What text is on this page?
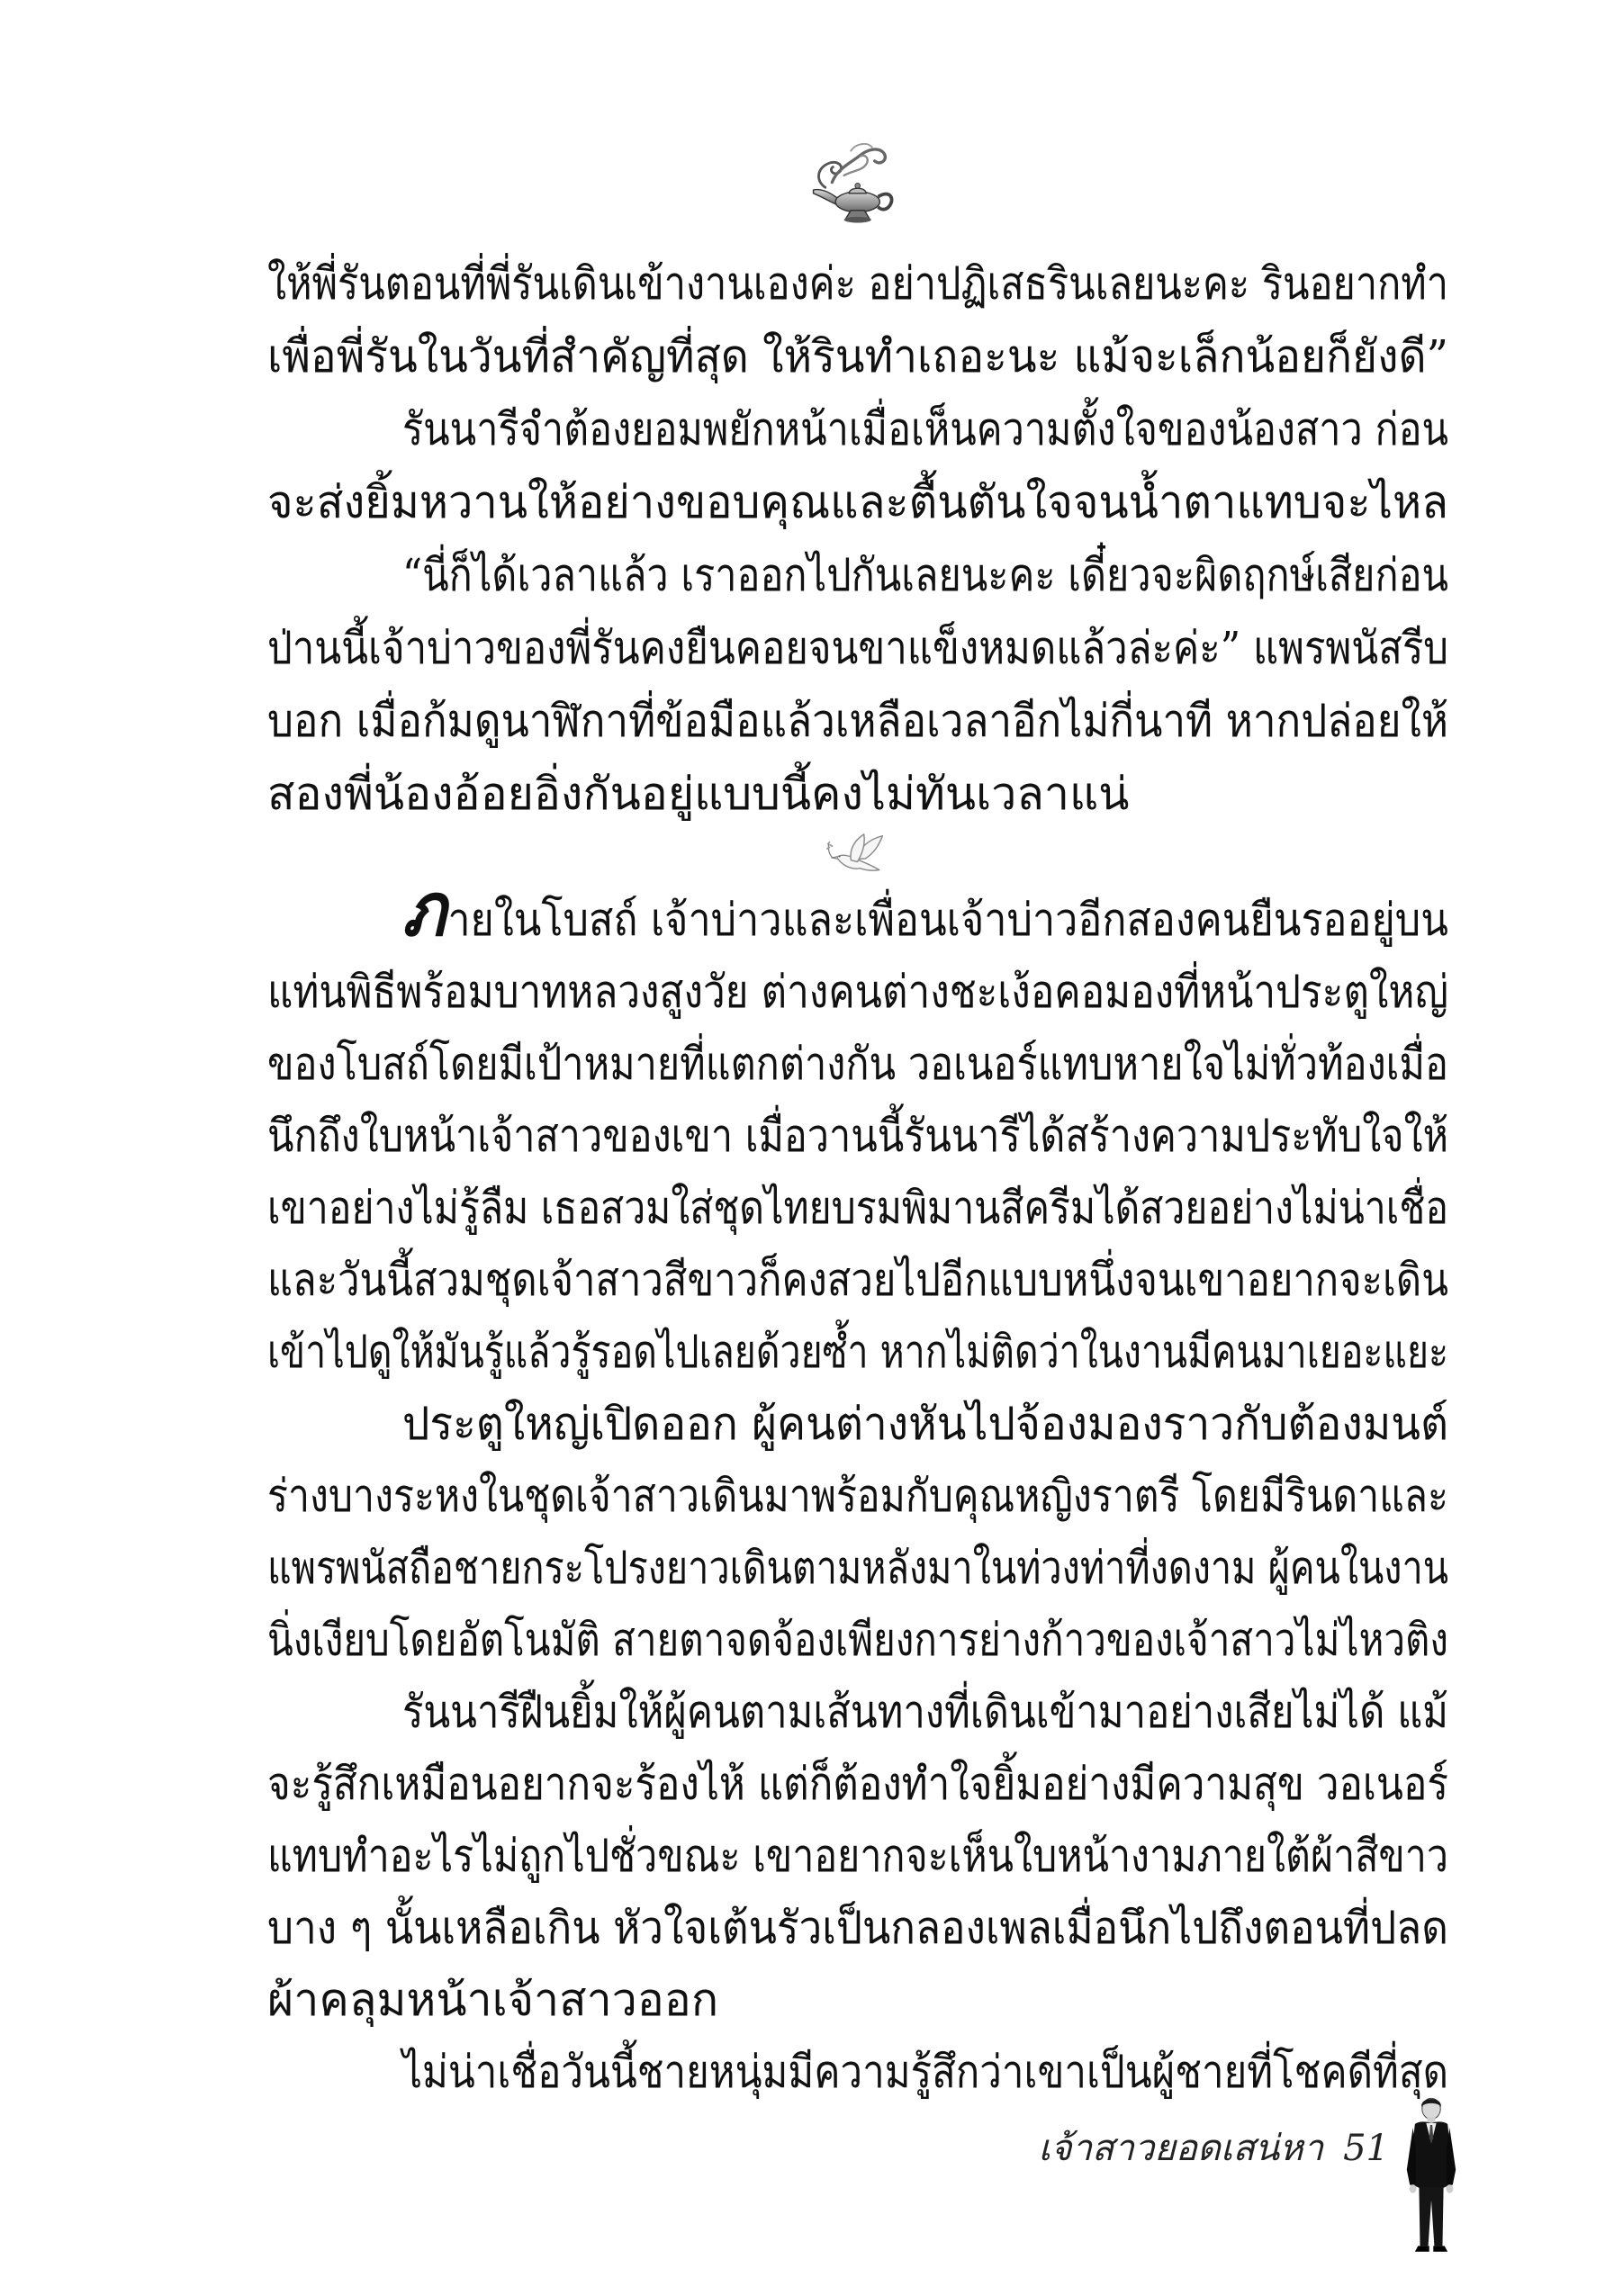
ให้พี่รันตอนที่พี่รันเดินเข้างานเองค่ะ อย่าปฏิเสธรินเลยนะคะ รินอยากทำ
เพื่อพี่รันในวันที่สำคัญที่สุด ให้รินทำเถอะนะ แม้จะเล็กน้อยก็ยังดี”
รันนารีจำต้องยอมพยักหน้าเมื่อเห็นความตั้งใจของน้องสาว ก่อน
จะส่งยิ้มหวานให้อย่างขอบคุณและตื้นตันใจจนน้ำตาแทบจะไหล
“นี่ก็ได้เวลาแล้ว เราออกไปกันเลยนะคะ เดี๋ยวจะผิดฤกษ์เสียก่อน
ป่านนี้เจ้าบ่าวของพี่รันคงยืนคอยจนขาแข็งหมดแล้วล่ะค่ะ” แพรพนัสรีบ
บอก เมื่อก้มดูนาฬิกาที่ข้อมือแล้วเหลือเวลาอีกไม่กี่นาที หากปล่อยให้
สองพี่น้องอ้อยอิ่งกันอยู่แบบนี้คงไม่ทันเวลาแน่
ภายในโบสถ์ เจ้าบ่าวและเพื่อนเจ้าบ่าวอีกสองคนยืนรออยู่บน
แท่นพิธีพร้อมบาทหลวงสูงวัย ต่างคนต่างชะเง้อคอมองที่หน้าประตูใหญ่
ของโบสถ์โดยมีเป้าหมายที่แตกต่างกัน วอเนอร์แทบหายใจไม่ทั่วท้องเมื่อ
นึกถึงใบหน้าเจ้าสาวของเขา เมื่อวานนี้รันนารีได้สร้างความประทับใจให้
เขาอย่างไม่รู้ลืม เธอสวมใส่ชุดไทยบรมพิมานสีครีมได้สวยอย่างไม่น่าเชื่อ
และวันนี้สวมชุดเจ้าสาวสีขาวก็คงสวยไปอีกแบบหนึ่งจนเขาอยากจะเดิน
เข้าไปดูให้มันรู้แล้วรู้รอดไปเลยด้วยซ้ำ หากไม่ติดว่าในงานมีคนมาเยอะแยะ
ประตูใหญ่เปิดออก ผู้คนต่างหันไปจ้องมองราวกับต้องมนต์
ร่างบางระหงในชุดเจ้าสาวเดินมาพร้อมกับคุณหญิงราตรี โดยมีรินดาและ
แพรพนัสถือชายกระโปรงยาวเดินตามหลังมาในท่วงท่าที่งดงาม ผู้คนในงาน
นิ่งเงียบโดยอัตโนมัติ สายตาจดจ้องเพียงการย่างก้าวของเจ้าสาวไม่ไหวติง
รันนารีฝืนยิ้มให้ผู้คนตามเส้นทางที่เดินเข้ามาอย่างเสียไม่ได้ แม้
จะรู้สึกเหมือนอยากจะร้องไห้ แต่ก็ต้องทำใจยิ้มอย่างมีความสุข วอเนอร์
แทบทำอะไรไม่ถูกไปชั่วขณะ เขาอยากจะเห็นใบหน้างามภายใต้ผ้าสีขาว
บาง ๆ นั้นเหลือเกิน หัวใจเต้นรัวเป็นกลองเพลเมื่อนึกไปถึงตอนที่ปลด
ผ้าคลุมหน้าเจ้าสาวออก
ไม่น่าเชื่อวันนี้ชายหนุ่มมีความรู้สึกว่าเขาเป็นผู้ชายที่โชคดีที่สุด
เจ้าสาวยอดเสน่หา 51
